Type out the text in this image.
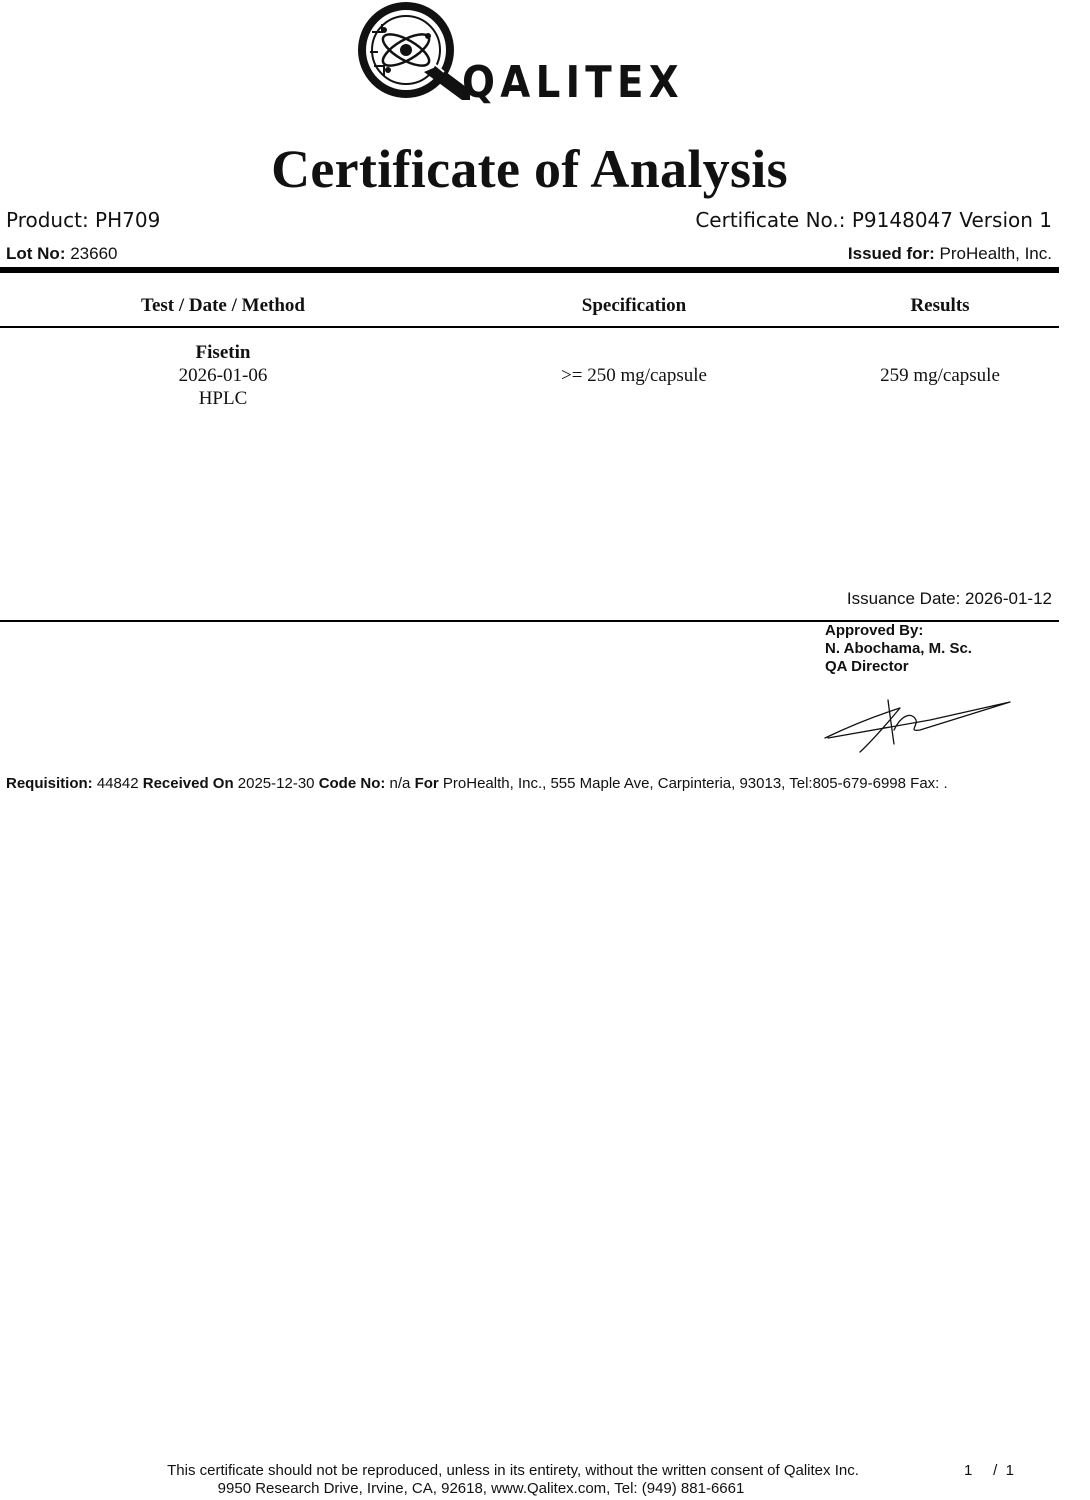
QALITEX
Certificate of Analysis
Product: PH709	Certificate No.: P9148047 Version 1
Lot No: 23660	Issued for: ProHealth, Inc.
Test / Date / Method	Specification	Results
Fisetin
2026-01-06
HPLC
>= 250 mg/capsule	259 mg/capsule
Issuance Date: 2026-01-12
Approved By:
N. Abochama, M. Sc.
QA Director
Requisition: 44842 Received On 2025-12-30 Code No: n/a For ProHealth, Inc., 555 Maple Ave, Carpinteria, 93013, Tel:805-679-6998 Fax: .
This certificate should not be reproduced, unless in its entirety, without the written consent of Qalitex Inc.
9950 Research Drive, Irvine, CA, 92618, www.Qalitex.com, Tel: (949) 881-6661
1     /  1
